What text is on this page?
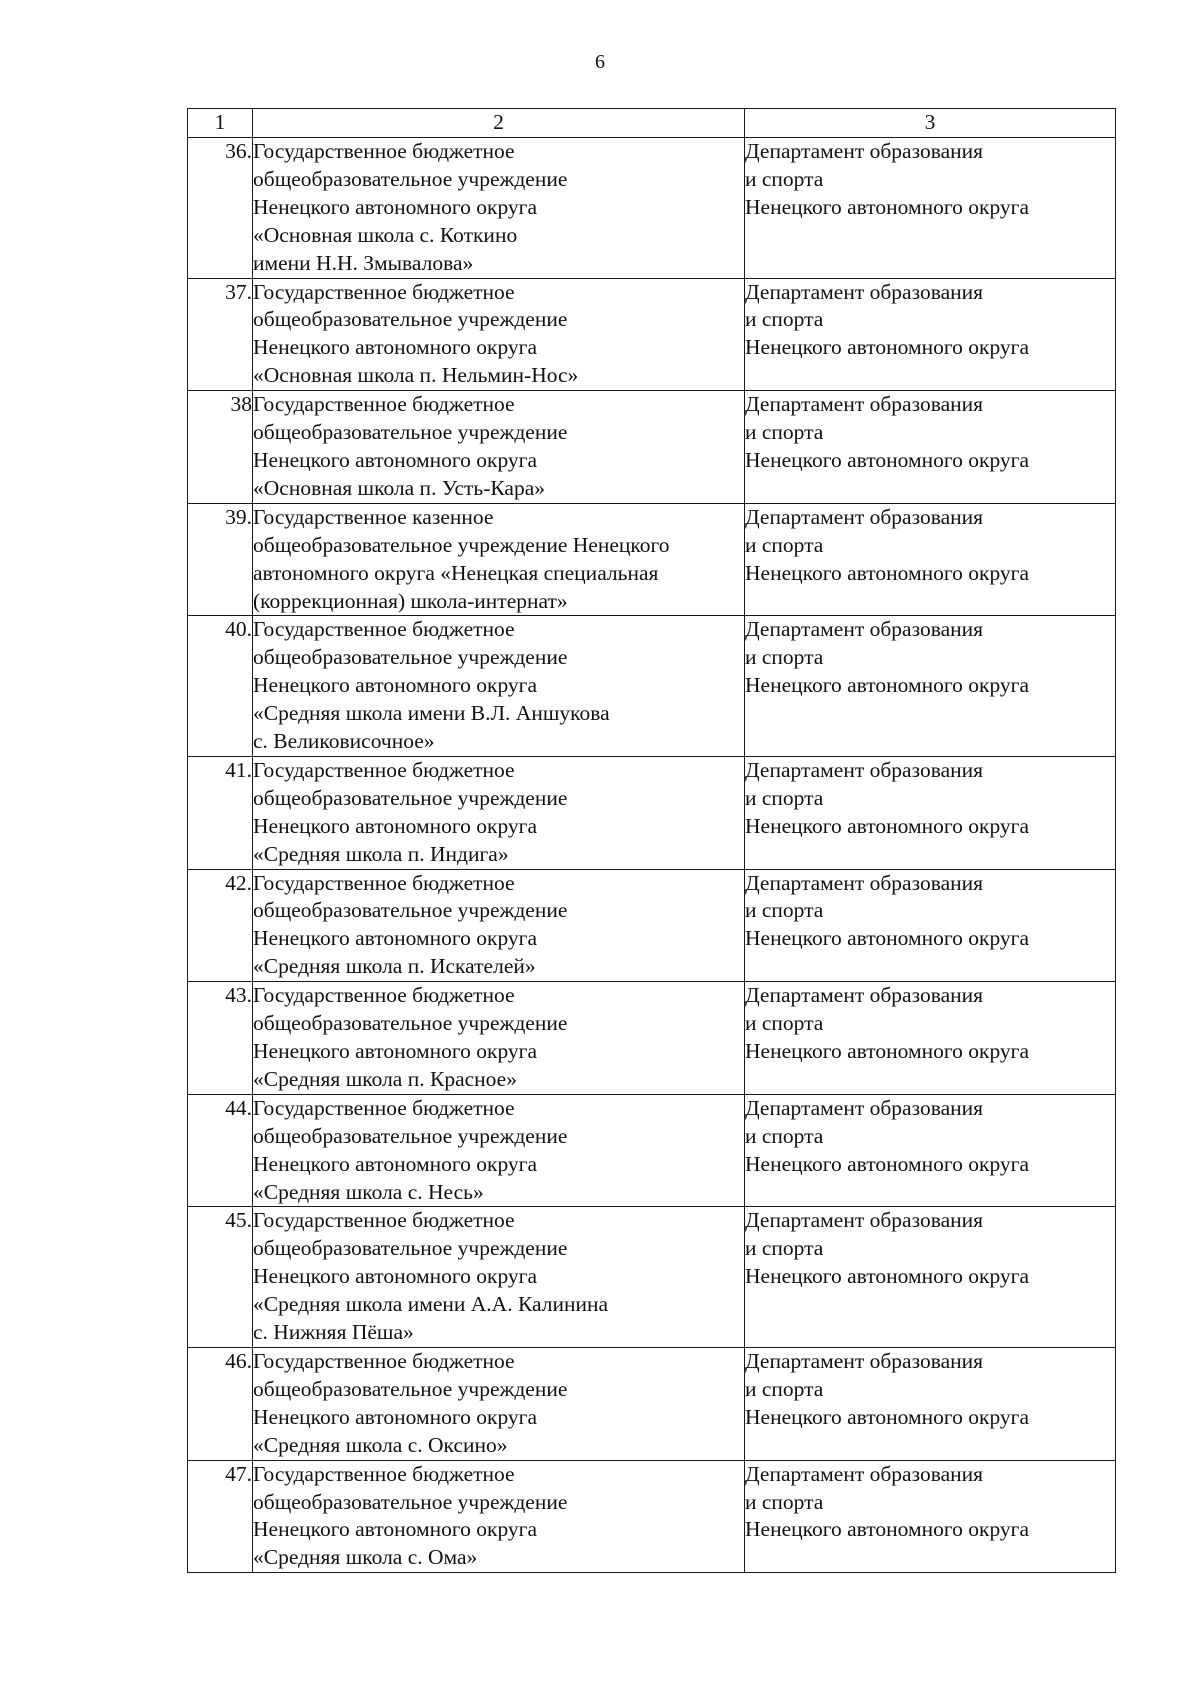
6
1	2	3
36.	Государственное бюджетное
общеобразовательное учреждение
Ненецкого автономного округа
«Основная школа с. Коткино
имени Н.Н. Змывалова»	Департамент образования
и спорта
Ненецкого автономного округа

37.	Государственное бюджетное
общеобразовательное учреждение
Ненецкого автономного округа
«Основная школа п. Нельмин-Нос»	Департамент образования
и спорта
Ненецкого автономного округа

38	Государственное бюджетное
общеобразовательное учреждение
Ненецкого автономного округа
«Основная школа п. Усть-Кара»	Департамент образования
и спорта
Ненецкого автономного округа

39.	Государственное казенное
общеобразовательное учреждение Ненецкого
автономного округа «Ненецкая специальная
(коррекционная) школа-интернат»	Департамент образования
и спорта
Ненецкого автономного округа

40.	Государственное бюджетное
общеобразовательное учреждение
Ненецкого автономного округа
«Средняя школа имени В.Л. Аншукова
с. Великовисочное»	Департамент образования
и спорта
Ненецкого автономного округа

41.	Государственное бюджетное
общеобразовательное учреждение
Ненецкого автономного округа
«Средняя школа п. Индига»	Департамент образования
и спорта
Ненецкого автономного округа

42.	Государственное бюджетное
общеобразовательное учреждение
Ненецкого автономного округа
«Средняя школа п. Искателей»	Департамент образования
и спорта
Ненецкого автономного округа

43.	Государственное бюджетное
общеобразовательное учреждение
Ненецкого автономного округа
«Средняя школа п. Красное»	Департамент образования
и спорта
Ненецкого автономного округа

44.	Государственное бюджетное
общеобразовательное учреждение
Ненецкого автономного округа
«Средняя школа с. Несь»	Департамент образования
и спорта
Ненецкого автономного округа

45.	Государственное бюджетное
общеобразовательное учреждение
Ненецкого автономного округа
«Средняя школа имени А.А. Калинина
с. Нижняя Пёша»	Департамент образования
и спорта
Ненецкого автономного округа

46.	Государственное бюджетное
общеобразовательное учреждение
Ненецкого автономного округа
«Средняя школа с. Оксино»	Департамент образования
и спорта
Ненецкого автономного округа

47.	Государственное бюджетное
общеобразовательное учреждение
Ненецкого автономного округа
«Средняя школа с. Ома»	Департамент образования
и спорта
Ненецкого автономного округа
